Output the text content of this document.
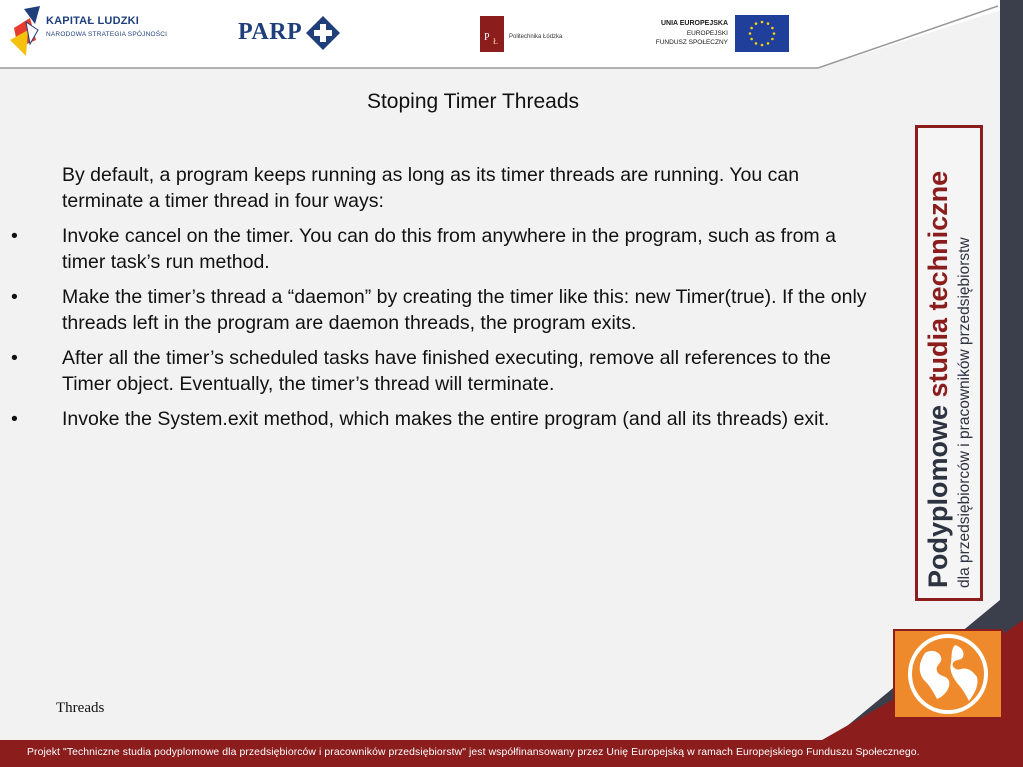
P Ł
KAPITAŁ LUDZKI
NARODOWA STRATEGIA SPÓJNOŚCI	PARP	Politechnika Łódzka
UNIA EUROPEJSKA
EUROPEJSKI
FUNDUSZ SPOŁECZNY
Stoping Timer Threads
By default, a program keeps running as long as its timer threads are running. You can terminate a timer thread in four ways:
• Invoke cancel on the timer. You can do this from anywhere in the program, such as from a timer task’s run method.
• Make the timer’s thread a “daemon” by creating the timer like this: new Timer(true). If the only threads left in the program are daemon threads, the program exits.
• After all the timer’s scheduled tasks have finished executing, remove all references to the Timer object. Eventually, the timer’s thread will terminate.
• Invoke the System.exit method, which makes the entire program (and all its threads) exit.
Threads
Podyplomowe studia techniczne dla przedsiębiorców i pracowników przedsiębiorstw
Projekt "Techniczne studia podyplomowe dla przedsiębiorców i pracowników przedsiębiorstw" jest współfinansowany przez Unię Europejską w ramach Europejskiego Funduszu Społecznego.
